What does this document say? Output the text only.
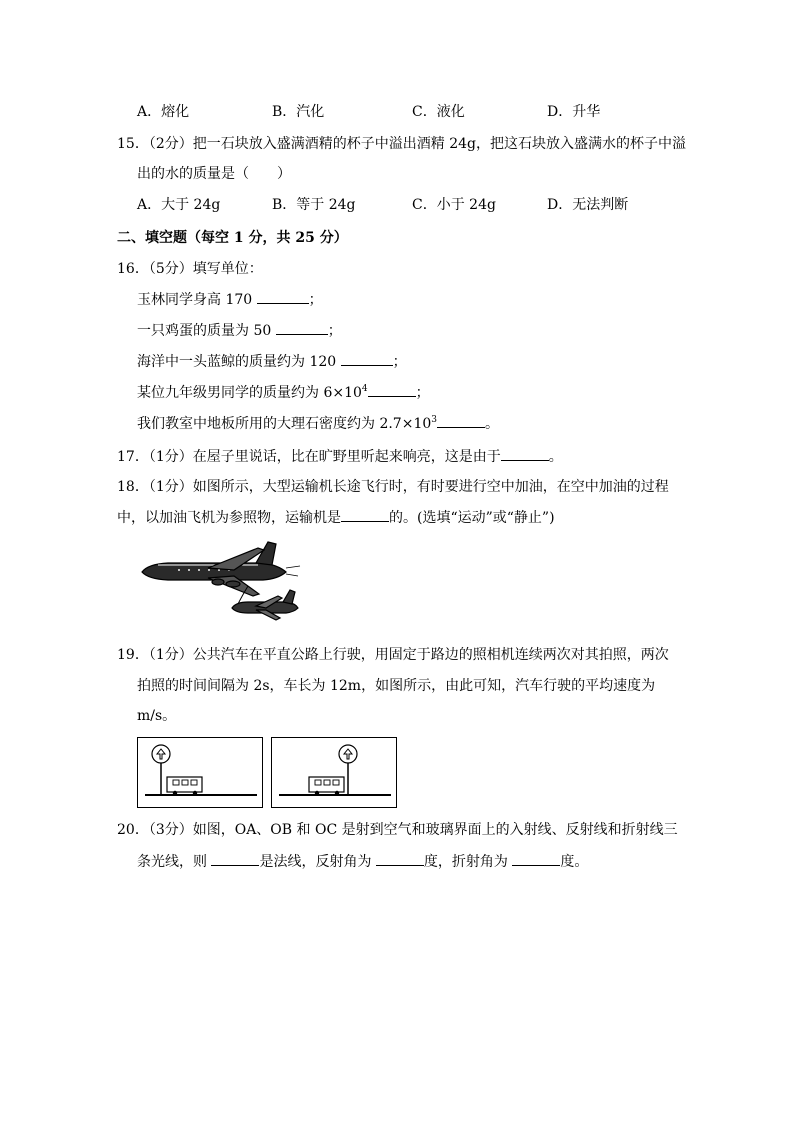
A．熔化	B．汽化	C．液化	D．升华
15．（2分）把一石块放入盛满酒精的杯子中溢出酒精 24g，把这石块放入盛满水的杯子中溢
出的水的质量是（　　）
A．大于 24g	B．等于 24g	C．小于 24g	D．无法判断
二、填空题（每空 1 分，共 25 分）
16．（5分）填写单位：
玉林同学身高 170	；
一只鸡蛋的质量为 50	；
海洋中一头蓝鲸的质量约为 120	；
某位九年级男同学的质量约为 $6\times 10^4$	；
我们教室中地板所用的大理石密度约为 $2.7\times 10^3$	。
17．（1分）在屋子里说话，比在旷野里听起来响亮，这是由于	。
18．（1分）如图所示，大型运输机长途飞行时，有时要进行空中加油，在空中加油的过程
中，以加油飞机为参照物，运输机是	的。(选填“运动”或“静止”)
19．（1分）公共汽车在平直公路上行驶，用固定于路边的照相机连续两次对其拍照，两次
拍照的时间间隔为 2s，车长为 12m，如图所示，由此可知，汽车行驶的平均速度为
m/s。
20．（3分）如图，OA、OB 和 OC 是射到空气和玻璃界面上的入射线、反射线和折射线三
条光线，则	是法线，反射角为	度，折射角为	度。
